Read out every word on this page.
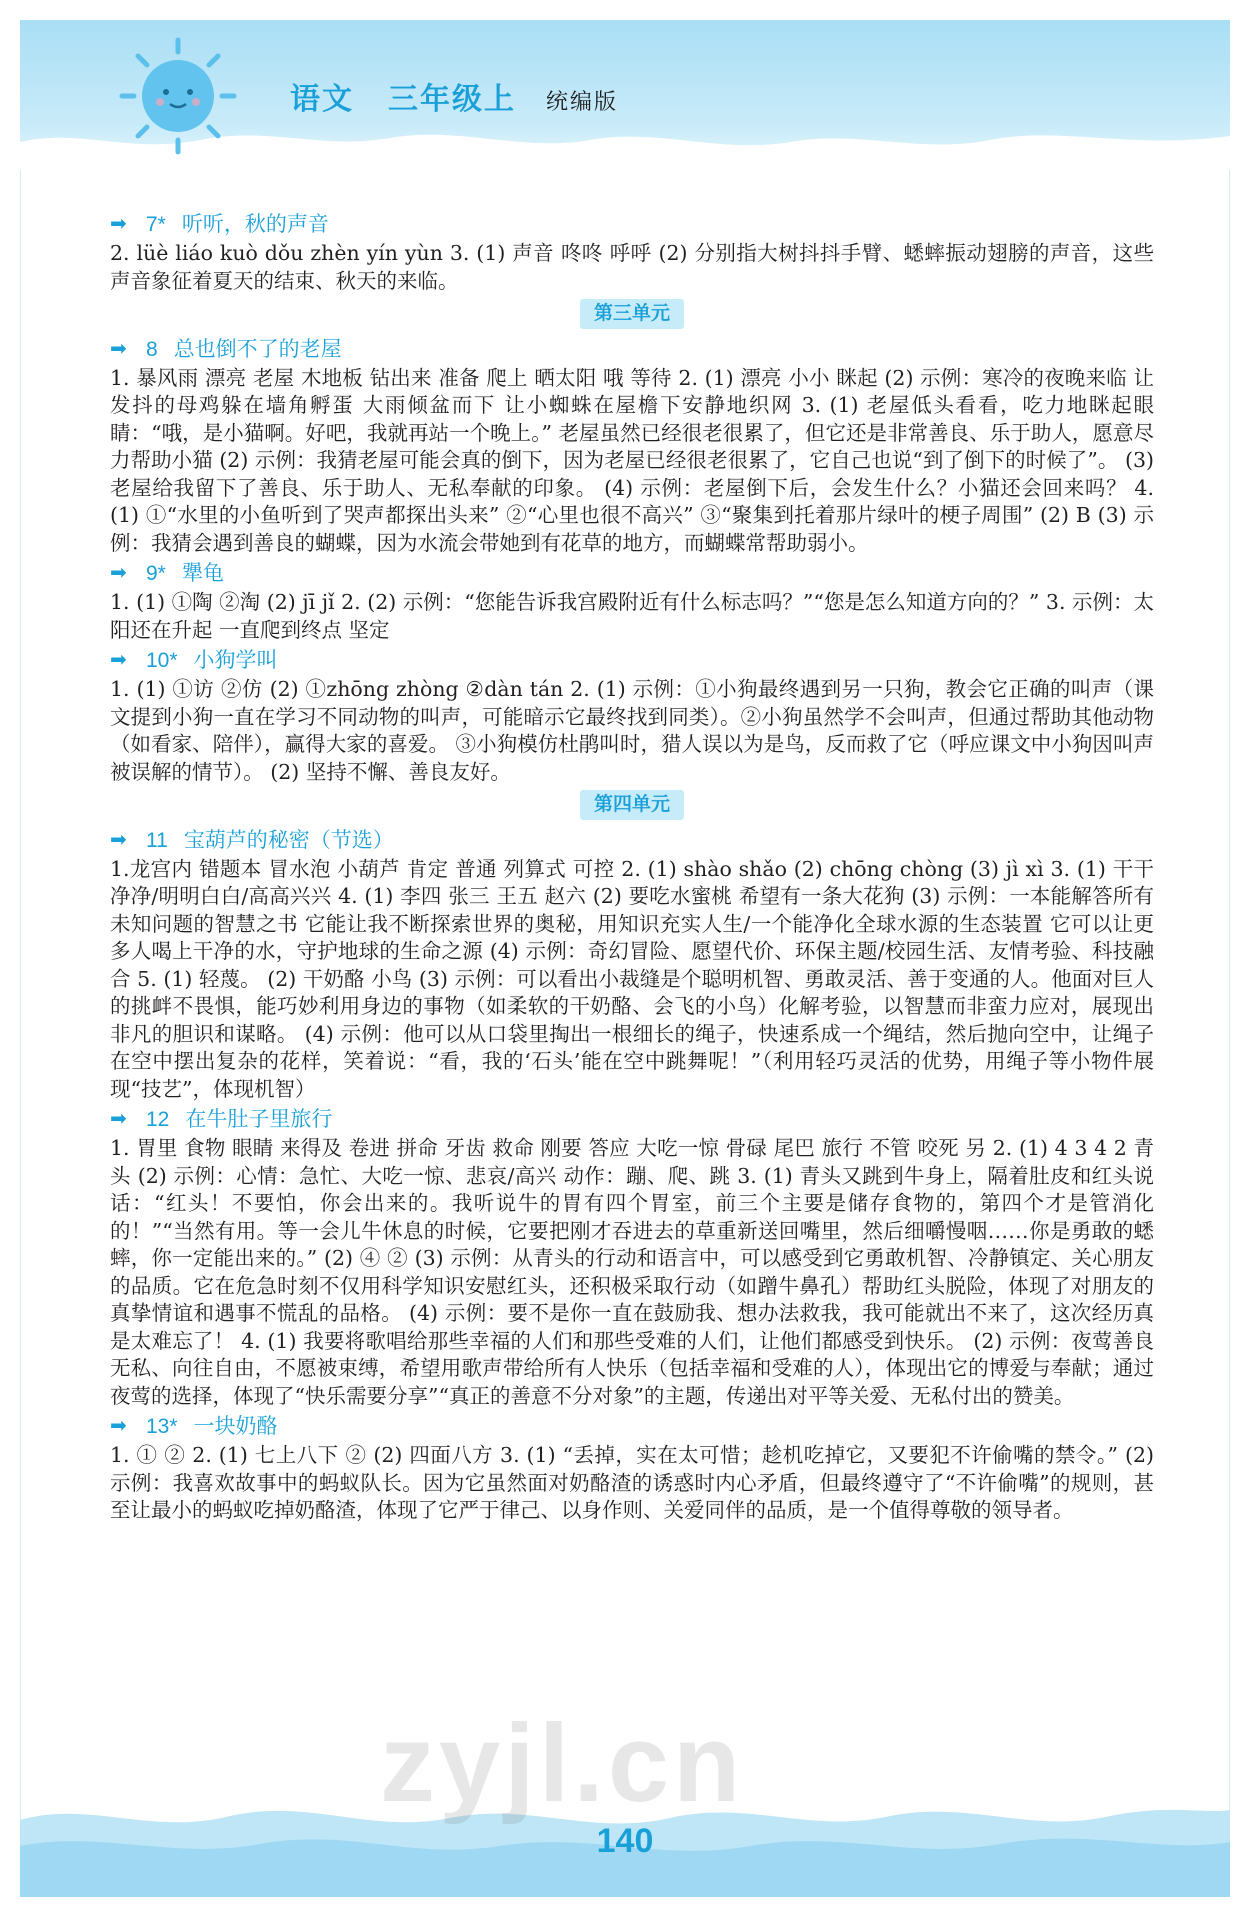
语文 三年级上 统编版
➡ 7* 听听，秋的声音

2. lüè liáo kuò dǒu zhèn yín yùn 3. (1) 声音 咚咚 呼呼 (2) 分别指大树抖抖手臂、蟋蟀振动翅膀的声音，这些声音象征着夏天的结束、秋天的来临。

第三单元
➡ 8 总也倒不了的老屋

1. 暴风雨 漂亮 老屋 木地板 钻出来 准备 爬上 晒太阳 哦 等待 2. (1) 漂亮 小小 眯起 (2) 示例：寒冷的夜晚来临 让发抖的母鸡躲在墙角孵蛋 大雨倾盆而下 让小蜘蛛在屋檐下安静地织网 3. (1) 老屋低头看看，吃力地眯起眼睛：“哦，是小猫啊。好吧，我就再站一个晚上。” 老屋虽然已经很老很累了，但它还是非常善良、乐于助人，愿意尽力帮助小猫 (2) 示例：我猜老屋可能会真的倒下，因为老屋已经很老很累了，它自己也说“到了倒下的时候了”。 (3) 老屋给我留下了善良、乐于助人、无私奉献的印象。 (4) 示例：老屋倒下后，会发生什么？小猫还会回来吗？ 4. (1) ①“水里的小鱼听到了哭声都探出头来” ②“心里也很不高兴” ③“聚集到托着那片绿叶的梗子周围” (2) B (3) 示例：我猜会遇到善良的蝴蝶，因为水流会带她到有花草的地方，而蝴蝶常帮助弱小。

➡ 9* 犟龟

1. (1) ①陶 ②淘 (2) jī jǐ 2. (2) 示例：“您能告诉我宫殿附近有什么标志吗？”“您是怎么知道方向的？” 3. 示例：太阳还在升起 一直爬到终点 坚定

➡ 10* 小狗学叫

1. (1) ①访 ②仿 (2) ①zhōng zhòng ②dàn tán 2. (1) 示例：①小狗最终遇到另一只狗，教会它正确的叫声（课文提到小狗一直在学习不同动物的叫声，可能暗示它最终找到同类）。②小狗虽然学不会叫声，但通过帮助其他动物（如看家、陪伴），赢得大家的喜爱。 ③小狗模仿杜鹃叫时，猎人误以为是鸟，反而救了它（呼应课文中小狗因叫声被误解的情节）。 (2) 坚持不懈、善良友好。

第四单元
➡ 11 宝葫芦的秘密（节选）

1.龙宫内 错题本 冒水泡 小葫芦 肯定 普通 列算式 可控 2. (1) shào shǎo (2) chōng chòng (3) jì xì 3. (1) 干干净净/明明白白/高高兴兴 4. (1) 李四 张三 王五 赵六 (2) 要吃水蜜桃 希望有一条大花狗 (3) 示例：一本能解答所有未知问题的智慧之书 它能让我不断探索世界的奥秘，用知识充实人生/一个能净化全球水源的生态装置 它可以让更多人喝上干净的水，守护地球的生命之源 (4) 示例：奇幻冒险、愿望代价、环保主题/校园生活、友情考验、科技融合 5. (1) 轻蔑。 (2) 干奶酪 小鸟 (3) 示例：可以看出小裁缝是个聪明机智、勇敢灵活、善于变通的人。他面对巨人的挑衅不畏惧，能巧妙利用身边的事物（如柔软的干奶酪、会飞的小鸟）化解考验，以智慧而非蛮力应对，展现出非凡的胆识和谋略。 (4) 示例：他可以从口袋里掏出一根细长的绳子，快速系成一个绳结，然后抛向空中，让绳子在空中摆出复杂的花样，笑着说：“看，我的‘石头’能在空中跳舞呢！”（利用轻巧灵活的优势，用绳子等小物件展现“技艺”，体现机智）

➡ 12 在牛肚子里旅行

1. 胃里 食物 眼睛 来得及 卷进 拼命 牙齿 救命 刚要 答应 大吃一惊 骨碌 尾巴 旅行 不管 咬死 另 2. (1) 4 3 4 2 青头 (2) 示例：心情：急忙、大吃一惊、悲哀/高兴 动作：蹦、爬、跳 3. (1) 青头又跳到牛身上，隔着肚皮和红头说话：“红头！不要怕，你会出来的。我听说牛的胃有四个胃室，前三个主要是储存食物的，第四个才是管消化的！”“当然有用。等一会儿牛休息的时候，它要把刚才吞进去的草重新送回嘴里，然后细嚼慢咽……你是勇敢的蟋蟀，你一定能出来的。” (2) ④ ② (3) 示例：从青头的行动和语言中，可以感受到它勇敢机智、冷静镇定、关心朋友的品质。它在危急时刻不仅用科学知识安慰红头，还积极采取行动（如蹭牛鼻孔）帮助红头脱险，体现了对朋友的真挚情谊和遇事不慌乱的品格。 (4) 示例：要不是你一直在鼓励我、想办法救我，我可能就出不来了，这次经历真是太难忘了！ 4. (1) 我要将歌唱给那些幸福的人们和那些受难的人们，让他们都感受到快乐。 (2) 示例：夜莺善良无私、向往自由，不愿被束缚，希望用歌声带给所有人快乐（包括幸福和受难的人），体现出它的博爱与奉献；通过夜莺的选择，体现了“快乐需要分享”“真正的善意不分对象”的主题，传递出对平等关爱、无私付出的赞美。

➡ 13* 一块奶酪

1. ① ② 2. (1) 七上八下 ② (2) 四面八方 3. (1) “丢掉，实在太可惜；趁机吃掉它，又要犯不许偷嘴的禁令。” (2) 示例：我喜欢故事中的蚂蚁队长。因为它虽然面对奶酪渣的诱惑时内心矛盾，但最终遵守了“不许偷嘴”的规则，甚至让最小的蚂蚁吃掉奶酪渣，体现了它严于律己、以身作则、关爱同伴的品质，是一个值得尊敬的领导者。

140
zyjl.cn
